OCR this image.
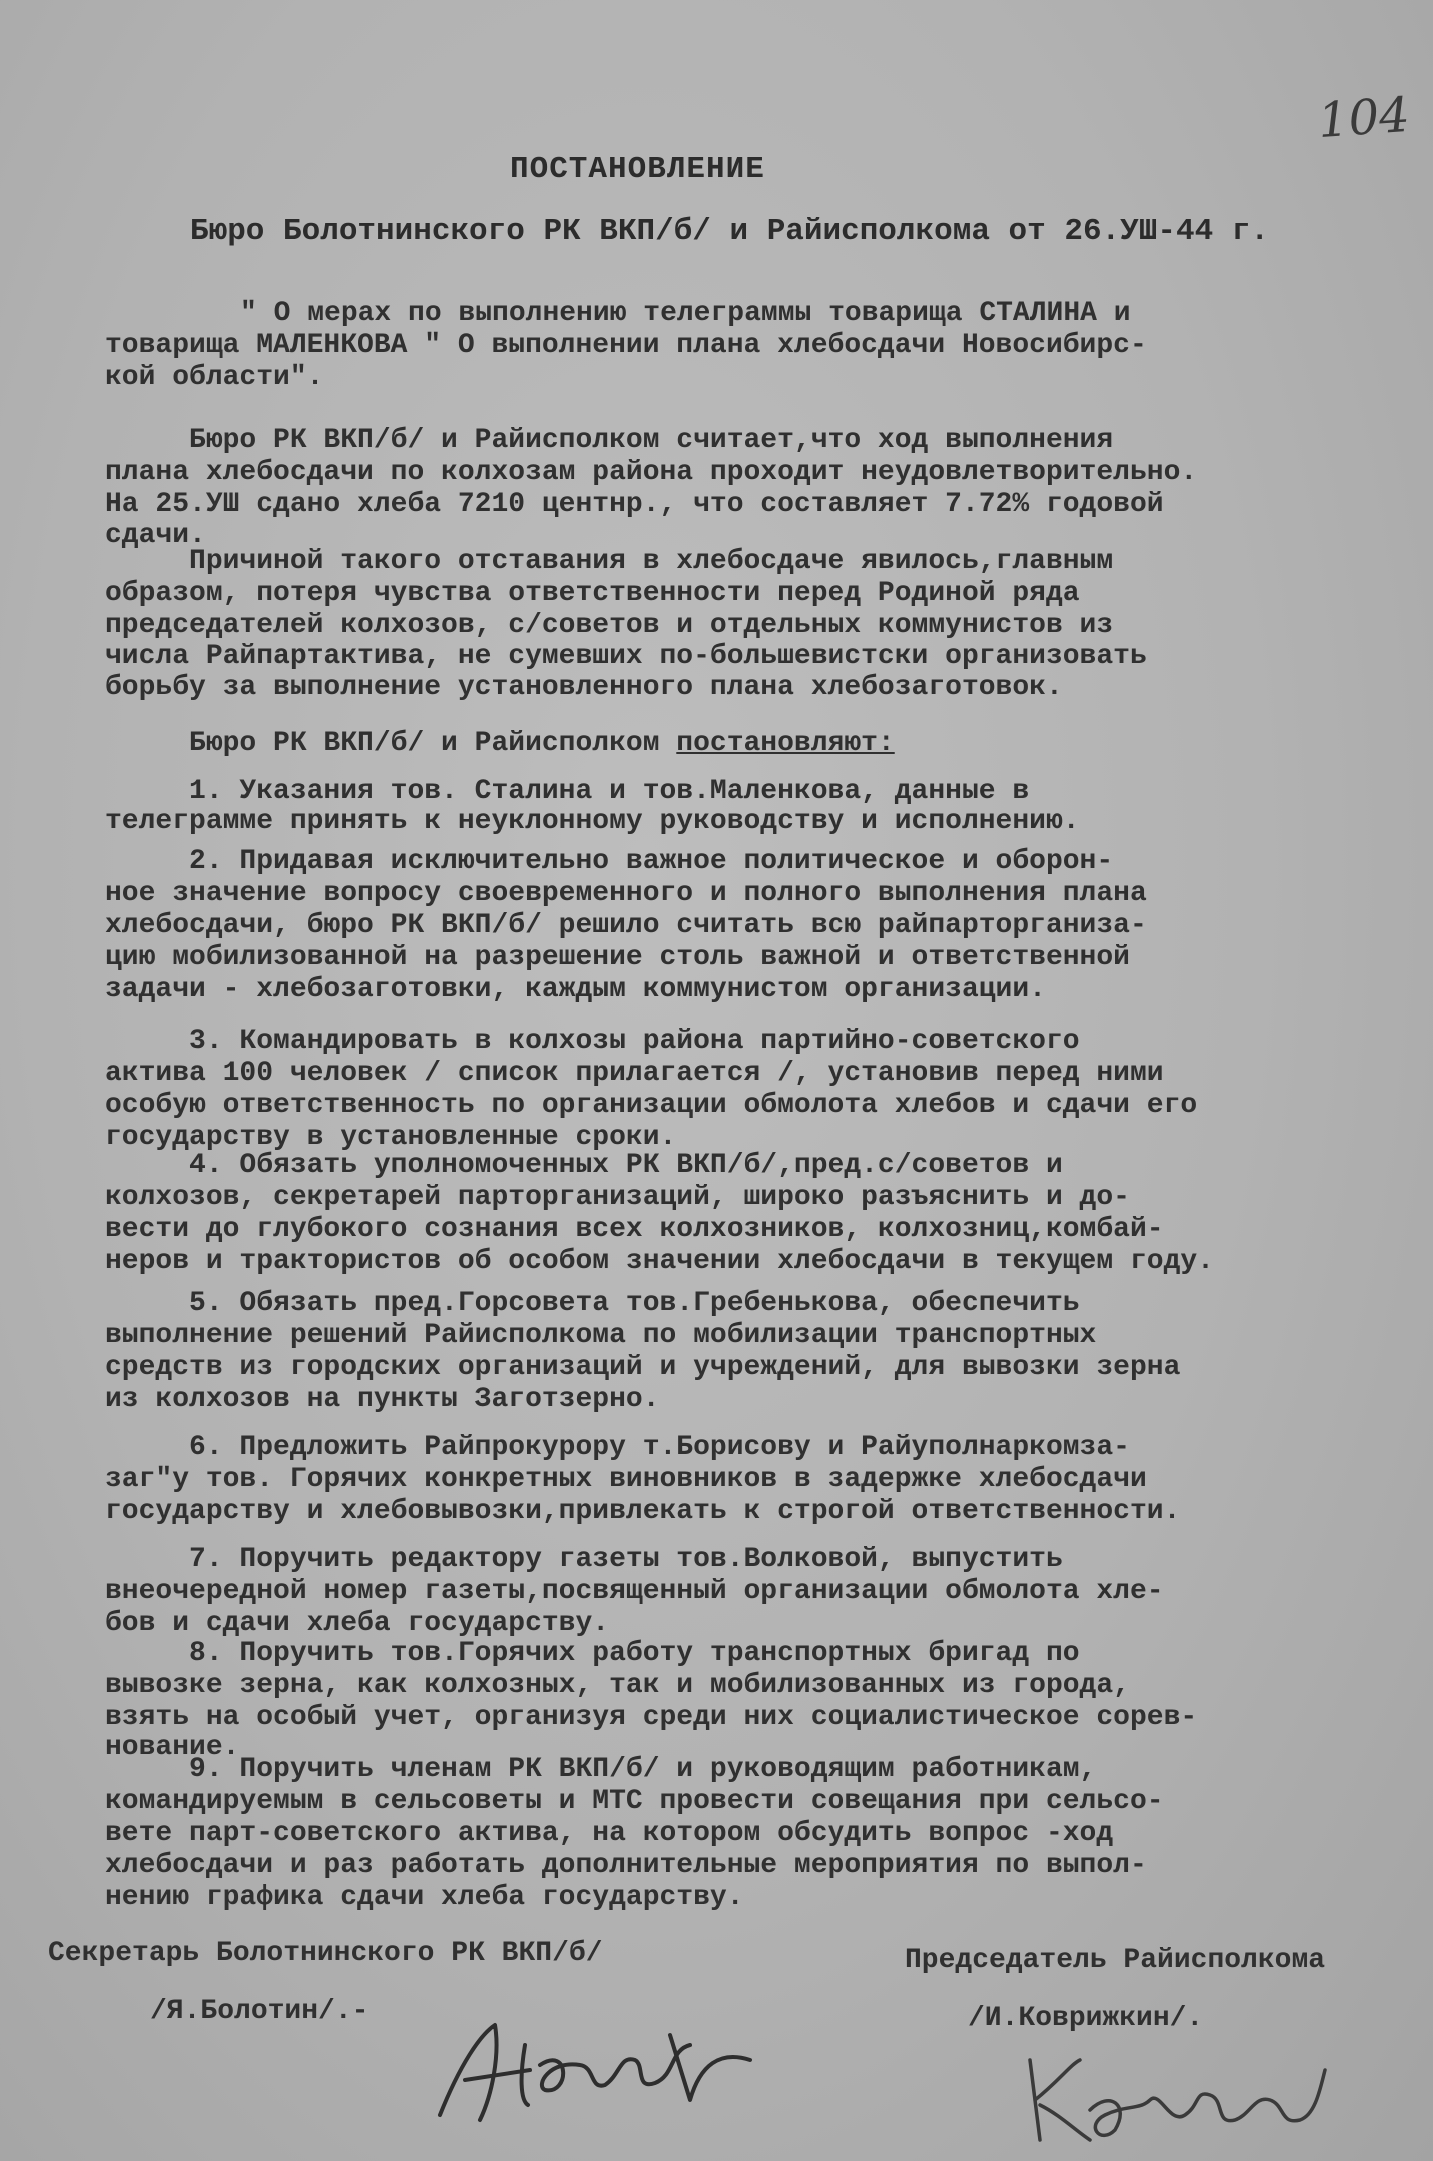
104
ПОСТАНОВЛЕНИЕ
Бюро Болотнинского РК ВКП/б/ и Райисполкома от 26.УШ-44 г.
" О мерах по выполнению телеграммы товарища СТАЛИНА и
товарища МАЛЕНКОВА " О выполнении плана хлебосдачи Новосибирс-
кой области".
Бюро РК ВКП/б/ и Райисполком считает,что ход выполнения
плана хлебосдачи по колхозам района проходит неудовлетворительно.
На 25.УШ сдано хлеба 7210 центнр., что составляет 7.72% годовой
сдачи.
Причиной такого отставания в хлебосдаче явилось,главным
образом, потеря чувства ответственности перед Родиной ряда
председателей колхозов, с/советов и отдельных коммунистов из
числа Райпартактива, не сумевших по-большевистски организовать
борьбу за выполнение установленного плана хлебозаготовок.
Бюро РК ВКП/б/ и Райисполком постановляют:
1. Указания тов. Сталина и тов.Маленкова, данные в
телеграмме принять к неуклонному руководству и исполнению.
2. Придавая исключительно важное политическое и оборон-
ное значение вопросу своевременного и полного выполнения плана
хлебосдачи, бюро РК ВКП/б/ решило считать всю райпарторганиза-
цию мобилизованной на разрешение столь важной и ответственной
задачи - хлебозаготовки, каждым коммунистом организации.
3. Командировать в колхозы района партийно-советского
актива 100 человек / список прилагается /, установив перед ними
особую ответственность по организации обмолота хлебов и сдачи его
государству в установленные сроки.
4. Обязать уполномоченных РК ВКП/б/,пред.с/советов и
колхозов, секретарей парторганизаций, широко разъяснить и до-
вести до глубокого сознания всех колхозников, колхозниц,комбай-
неров и трактористов об особом значении хлебосдачи в текущем году.
5. Обязать пред.Горсовета тов.Гребенькова, обеспечить
выполнение решений Райисполкома по мобилизации транспортных
средств из городских организаций и учреждений, для вывозки зерна
из колхозов на пункты Заготзерно.
6. Предложить Райпрокурору т.Борисову и Райуполнаркомза-
заг"у тов. Горячих конкретных виновников в задержке хлебосдачи
государству и хлебовывозки,привлекать к строгой ответственности.
7. Поручить редактору газеты тов.Волковой, выпустить
внеочередной номер газеты,посвященный организации обмолота хле-
бов и сдачи хлеба государству.
8. Поручить тов.Горячих работу транспортных бригад по
вывозке зерна, как колхозных, так и мобилизованных из города,
взять на особый учет, организуя среди них социалистическое сорев-
нование.
9. Поручить членам РК ВКП/б/ и руководящим работникам,
командируемым в сельсоветы и МТС провести совещания при сельсо-
вете парт-советского актива, на котором обсудить вопрос -ход
хлебосдачи и раз работать дополнительные мероприятия по выпол-
нению графика сдачи хлеба государству.
Секретарь Болотнинского РК ВКП/б/
/Я.Болотин/.-
Председатель Райисполкома
/И.Коврижкин/.
